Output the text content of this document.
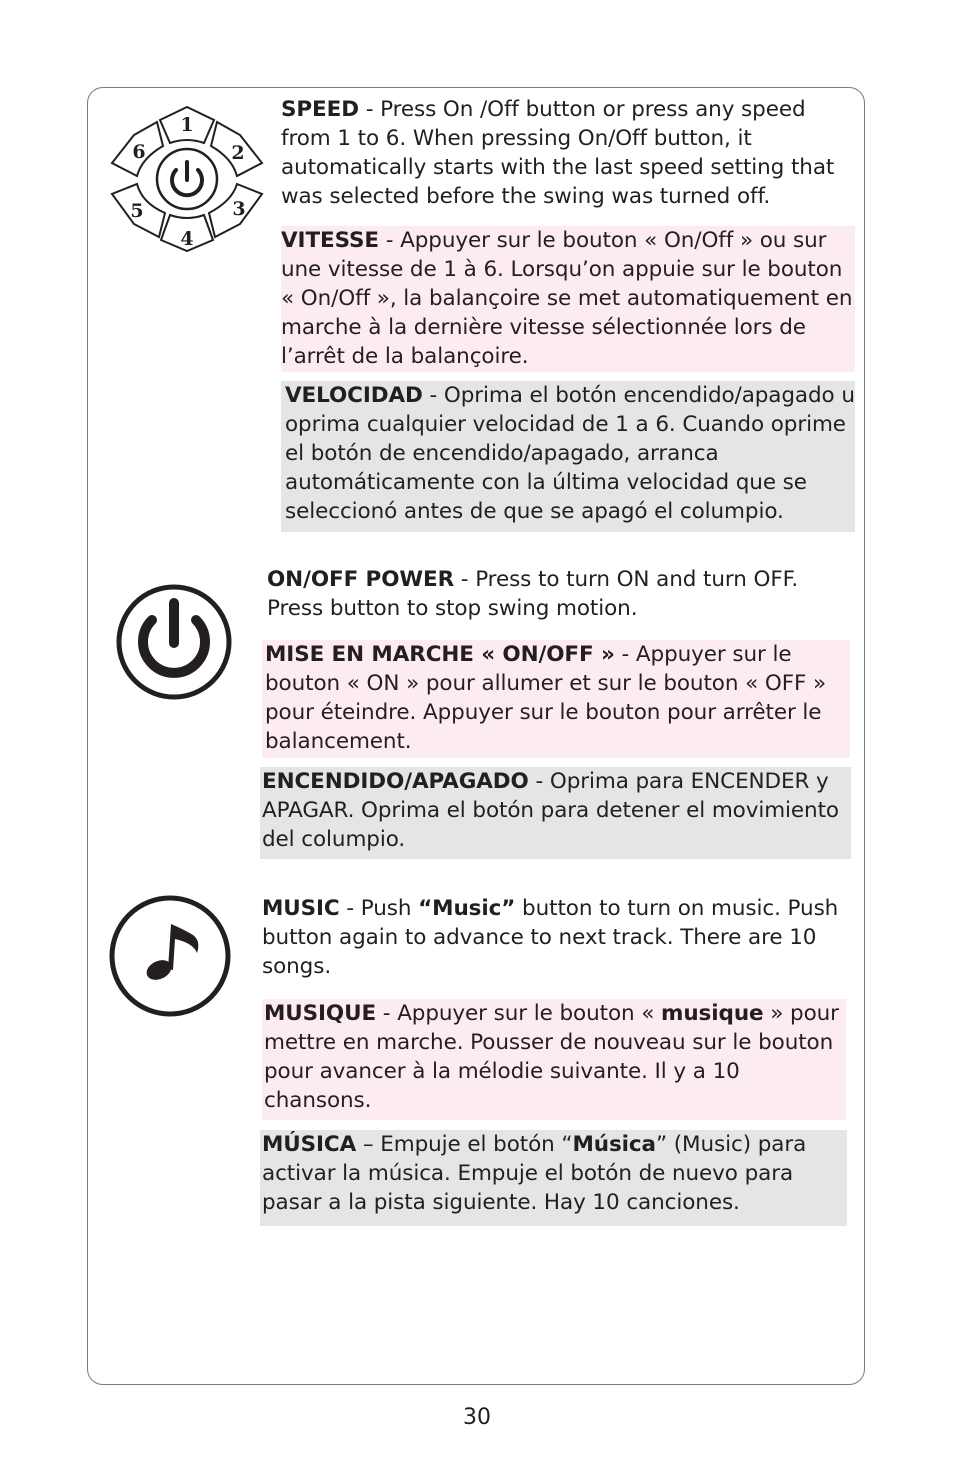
1
2
3
4
5
6
SPEED - Press On /Off button or press any speed from 1 to 6. When pressing On/Off button, it automatically starts with the last speed setting that was selected before the swing was turned off.
VITESSE - Appuyer sur le bouton « On/Off » ou sur une vitesse de 1 à 6. Lorsqu’on appuie sur le bouton « On/Off », la balançoire se met automatiquement en marche à la dernière vitesse sélectionnée lors de l’arrêt de la balançoire.
VELOCIDAD - Oprima el botón encendido/apagado u oprima cualquier velocidad de 1 a 6. Cuando oprime el botón de encendido/apagado, arranca automáticamente con la última velocidad que se seleccionó antes de que se apagó el columpio.
ON/OFF POWER - Press to turn ON and turn OFF. Press button to stop swing motion.
MISE EN MARCHE « ON/OFF » - Appuyer sur le bouton « ON » pour allumer et sur le bouton « OFF » pour éteindre. Appuyer sur le bouton pour arrêter le balancement.
ENCENDIDO/APAGADO - Oprima para ENCENDER y APAGAR. Oprima el botón para detener el movimiento del columpio.
MUSIC - Push “Music” button to turn on music. Push button again to advance to next track. There are 10 songs.
MUSIQUE - Appuyer sur le bouton « musique » pour mettre en marche. Pousser de nouveau sur le bouton pour avancer à la mélodie suivante. Il y a 10 chansons.
MÚSICA – Empuje el botón “Música” (Music) para activar la música. Empuje el botón de nuevo para pasar a la pista siguiente. Hay 10 canciones.
30
